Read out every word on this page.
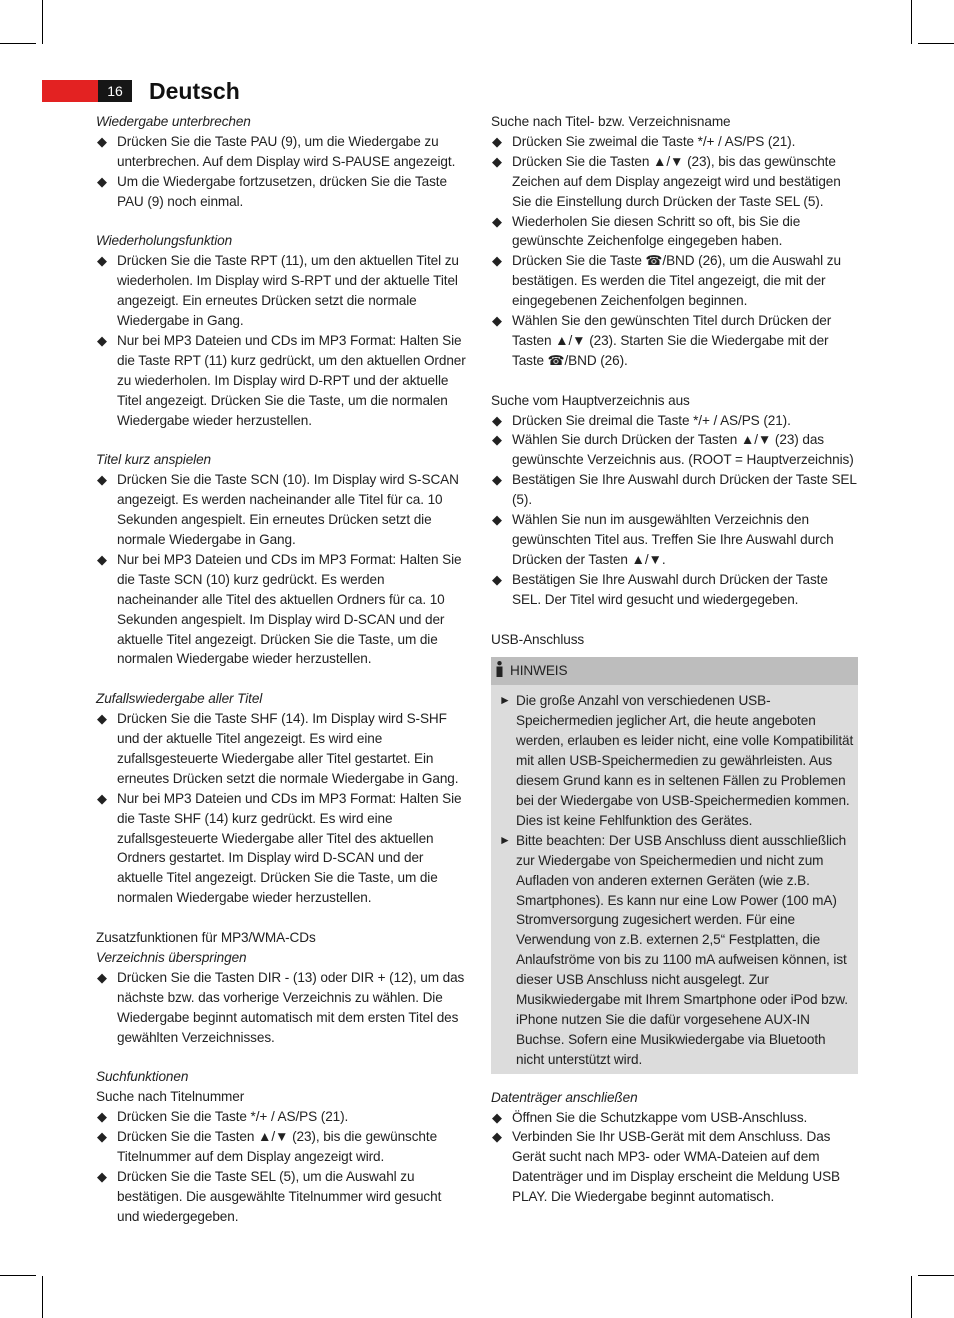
16	Deutsch

Wiedergabe unterbrechen

◆ Drücken Sie die Taste PAU (9), um die Wiedergabe zu unterbrechen. Auf dem Display wird S-PAUSE angezeigt.
◆ Um die Wiedergabe fortzusetzen, drücken Sie die Taste PAU (9) noch einmal.

Wiederholungsfunktion

◆ Drücken Sie die Taste RPT (11), um den aktuellen Titel zu wiederholen. Im Display wird S-RPT und der aktuelle Titel angezeigt. Ein erneutes Drücken setzt die normale Wiedergabe in Gang.
◆ Nur bei MP3 Dateien und CDs im MP3 Format: Halten Sie die Taste RPT (11) kurz gedrückt, um den aktuellen Ordner zu wiederholen. Im Display wird D-RPT und der aktuelle Titel angezeigt. Drücken Sie die Taste, um die normalen Wiedergabe wieder herzustellen.

Titel kurz anspielen

◆ Drücken Sie die Taste SCN (10). Im Display wird S-SCAN angezeigt. Es werden nacheinander alle Titel für ca. 10 Sekunden angespielt. Ein erneutes Drücken setzt die normale Wiedergabe in Gang.
◆ Nur bei MP3 Dateien und CDs im MP3 Format: Halten Sie die Taste SCN (10) kurz gedrückt. Es werden nacheinander alle Titel des aktuellen Ordners für ca. 10 Sekunden angespielt. Im Display wird D-SCAN und der aktuelle Titel angezeigt. Drücken Sie die Taste, um die normalen Wiedergabe wieder herzustellen.

Zufallswiedergabe aller Titel

◆ Drücken Sie die Taste SHF (14). Im Display wird S-SHF und der aktuelle Titel angezeigt. Es wird eine zufallsgesteuerte Wiedergabe aller Titel gestartet. Ein erneutes Drücken setzt die normale Wiedergabe in Gang.
◆ Nur bei MP3 Dateien und CDs im MP3 Format: Halten Sie die Taste SHF (14) kurz gedrückt. Es wird eine zufallsgesteuerte Wiedergabe aller Titel des aktuellen Ordners gestartet. Im Display wird D-SCAN und der aktuelle Titel angezeigt. Drücken Sie die Taste, um die normalen Wiedergabe wieder herzustellen.

Zusatzfunktionen für MP3/WMA-CDs

Verzeichnis überspringen

◆ Drücken Sie die Tasten DIR - (13) oder DIR + (12), um das nächste bzw. das vorherige Verzeichnis zu wählen. Die Wiedergabe beginnt automatisch mit dem ersten Titel des gewählten Verzeichnisses.

Suchfunktionen

Suche nach Titelnummer

◆ Drücken Sie die Taste */+ / AS/PS (21).
◆ Drücken Sie die Tasten ▲/▼ (23), bis die gewünschte Titelnummer auf dem Display angezeigt wird.
◆ Drücken Sie die Taste SEL (5), um die Auswahl zu bestätigen. Die ausgewählte Titelnummer wird gesucht und wiedergegeben.

Suche nach Titel- bzw. Verzeichnisname

◆ Drücken Sie zweimal die Taste */+ / AS/PS (21).
◆ Drücken Sie die Tasten ▲/▼ (23), bis das gewünschte Zeichen auf dem Display angezeigt wird und bestätigen Sie die Einstellung durch Drücken der Taste SEL (5).
◆ Wiederholen Sie diesen Schritt so oft, bis Sie die gewünschte Zeichenfolge eingegeben haben.
◆ Drücken Sie die Taste ☎/BND (26), um die Auswahl zu bestätigen. Es werden die Titel angezeigt, die mit der eingegebenen Zeichenfolgen beginnen.
◆ Wählen Sie den gewünschten Titel durch Drücken der Tasten ▲/▼ (23). Starten Sie die Wiedergabe mit der Taste ☎/BND (26).

Suche vom Hauptverzeichnis aus

◆ Drücken Sie dreimal die Taste */+ / AS/PS (21).
◆ Wählen Sie durch Drücken der Tasten ▲/▼ (23) das gewünschte Verzeichnis aus. (ROOT = Hauptverzeichnis)
◆ Bestätigen Sie Ihre Auswahl durch Drücken der Taste SEL (5).
◆ Wählen Sie nun im ausgewählten Verzeichnis den gewünschten Titel aus. Treffen Sie Ihre Auswahl durch Drücken der Tasten ▲/▼.
◆ Bestätigen Sie Ihre Auswahl durch Drücken der Taste SEL. Der Titel wird gesucht und wiedergegeben.

USB-Anschluss

HINWEIS
► Die große Anzahl von verschiedenen USB-Speichermedien jeglicher Art, die heute angeboten werden, erlauben es leider nicht, eine volle Kompatibilität mit allen USB-Speichermedien zu gewährleisten. Aus diesem Grund kann es in seltenen Fällen zu Problemen bei der Wiedergabe von USB-Speichermedien kommen. Dies ist keine Fehlfunktion des Gerätes.
► Bitte beachten: Der USB Anschluss dient ausschließlich zur Wiedergabe von Speichermedien und nicht zum Aufladen von anderen externen Geräten (wie z.B. Smartphones). Es kann nur eine Low Power (100 mA) Stromversorgung zugesichert werden. Für eine Verwendung von z.B. externen 2,5“ Festplatten, die Anlaufströme von bis zu 1100 mA aufweisen können, ist dieser USB Anschluss nicht ausgelegt. Zur Musikwiedergabe mit Ihrem Smartphone oder iPod bzw. iPhone nutzen Sie die dafür vorgesehene AUX-IN Buchse. Sofern eine Musikwiedergabe via Bluetooth nicht unterstützt wird.

Datenträger anschließen

◆ Öffnen Sie die Schutzkappe vom USB-Anschluss.
◆ Verbinden Sie Ihr USB-Gerät mit dem Anschluss. Das Gerät sucht nach MP3- oder WMA-Dateien auf dem Datenträger und im Display erscheint die Meldung USB PLAY. Die Wiedergabe beginnt automatisch.
